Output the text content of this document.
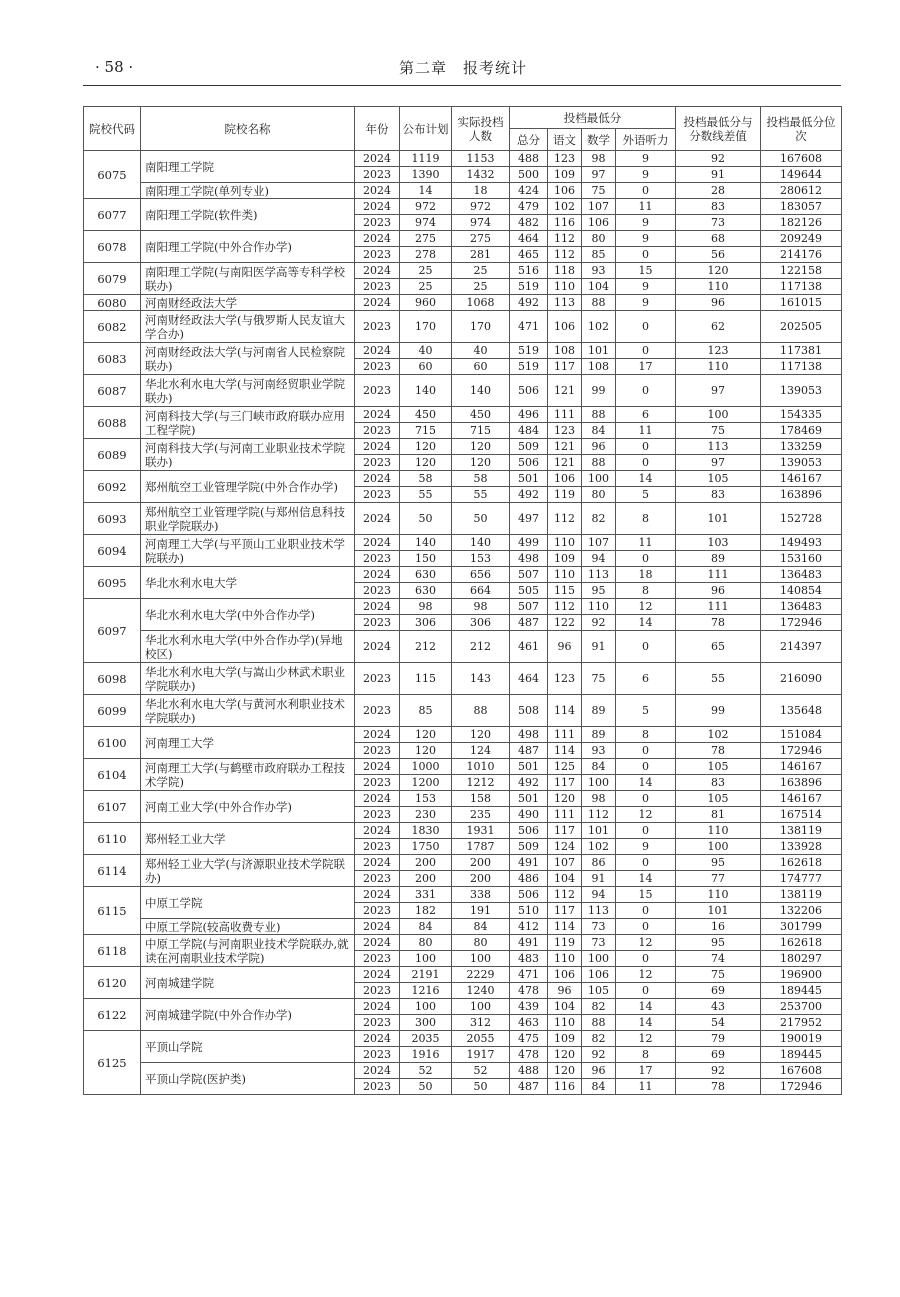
· 58 ·	第二章　报考统计
院校代码	院校名称	年份	公布计划	实际投档人数	投档最低分				投档最低分与分数线差值	投档最低分位次
					总分	语文	数学	外语听力		
6075	南阳理工学院	2024	1119	1153	488	123	98	9	92	167608
		2023	1390	1432	500	109	97	9	91	149644
	南阳理工学院(单列专业)	2024	14	18	424	106	75	0	28	280612
6077	南阳理工学院(软件类)	2024	972	972	479	102	107	11	83	183057
		2023	974	974	482	116	106	9	73	182126
6078	南阳理工学院(中外合作办学)	2024	275	275	464	112	80	9	68	209249
		2023	278	281	465	112	85	0	56	214176
6079	南阳理工学院(与南阳医学高等专科学校联办)	2024	25	25	516	118	93	15	120	122158
		2023	25	25	519	110	104	9	110	117138
6080	河南财经政法大学	2024	960	1068	492	113	88	9	96	161015
6082	河南财经政法大学(与俄罗斯人民友谊大学合办)	2023	170	170	471	106	102	0	62	202505
6083	河南财经政法大学(与河南省人民检察院联办)	2024	40	40	519	108	101	0	123	117381
		2023	60	60	519	117	108	17	110	117138
6087	华北水利水电大学(与河南经贸职业学院联办)	2023	140	140	506	121	99	0	97	139053
6088	河南科技大学(与三门峡市政府联办应用工程学院)	2024	450	450	496	111	88	6	100	154335
		2023	715	715	484	123	84	11	75	178469
6089	河南科技大学(与河南工业职业技术学院联办)	2024	120	120	509	121	96	0	113	133259
		2023	120	120	506	121	88	0	97	139053
6092	郑州航空工业管理学院(中外合作办学)	2024	58	58	501	106	100	14	105	146167
		2023	55	55	492	119	80	5	83	163896
6093	郑州航空工业管理学院(与郑州信息科技职业学院联办)	2024	50	50	497	112	82	8	101	152728
6094	河南理工大学(与平顶山工业职业技术学院联办)	2024	140	140	499	110	107	11	103	149493
		2023	150	153	498	109	94	0	89	153160
6095	华北水利水电大学	2024	630	656	507	110	113	18	111	136483
		2023	630	664	505	115	95	8	96	140854
6097	华北水利水电大学(中外合作办学)	2024	98	98	507	112	110	12	111	136483
		2023	306	306	487	122	92	14	78	172946
	华北水利水电大学(中外合作办学)(异地校区)	2024	212	212	461	96	91	0	65	214397
6098	华北水利水电大学(与嵩山少林武术职业学院联办)	2023	115	143	464	123	75	6	55	216090
6099	华北水利水电大学(与黄河水利职业技术学院联办)	2023	85	88	508	114	89	5	99	135648
6100	河南理工大学	2024	120	120	498	111	89	8	102	151084
		2023	120	124	487	114	93	0	78	172946
6104	河南理工大学(与鹤壁市政府联办工程技术学院)	2024	1000	1010	501	125	84	0	105	146167
		2023	1200	1212	492	117	100	14	83	163896
6107	河南工业大学(中外合作办学)	2024	153	158	501	120	98	0	105	146167
		2023	230	235	490	111	112	12	81	167514
6110	郑州轻工业大学	2024	1830	1931	506	117	101	0	110	138119
		2023	1750	1787	509	124	102	9	100	133928
6114	郑州轻工业大学(与济源职业技术学院联办)	2024	200	200	491	107	86	0	95	162618
		2023	200	200	486	104	91	14	77	174777
6115	中原工学院	2024	331	338	506	112	94	15	110	138119
		2023	182	191	510	117	113	0	101	132206
	中原工学院(较高收费专业)	2024	84	84	412	114	73	0	16	301799
6118	中原工学院(与河南职业技术学院联办,就读在河南职业技术学院)	2024	80	80	491	119	73	12	95	162618
		2023	100	100	483	110	100	0	74	180297
6120	河南城建学院	2024	2191	2229	471	106	106	12	75	196900
		2023	1216	1240	478	96	105	0	69	189445
6122	河南城建学院(中外合作办学)	2024	100	100	439	104	82	14	43	253700
		2023	300	312	463	110	88	14	54	217952
6125	平顶山学院	2024	2035	2055	475	109	82	12	79	190019
		2023	1916	1917	478	120	92	8	69	189445
	平顶山学院(医护类)	2024	52	52	488	120	96	17	92	167608
		2023	50	50	487	116	84	11	78	172946
